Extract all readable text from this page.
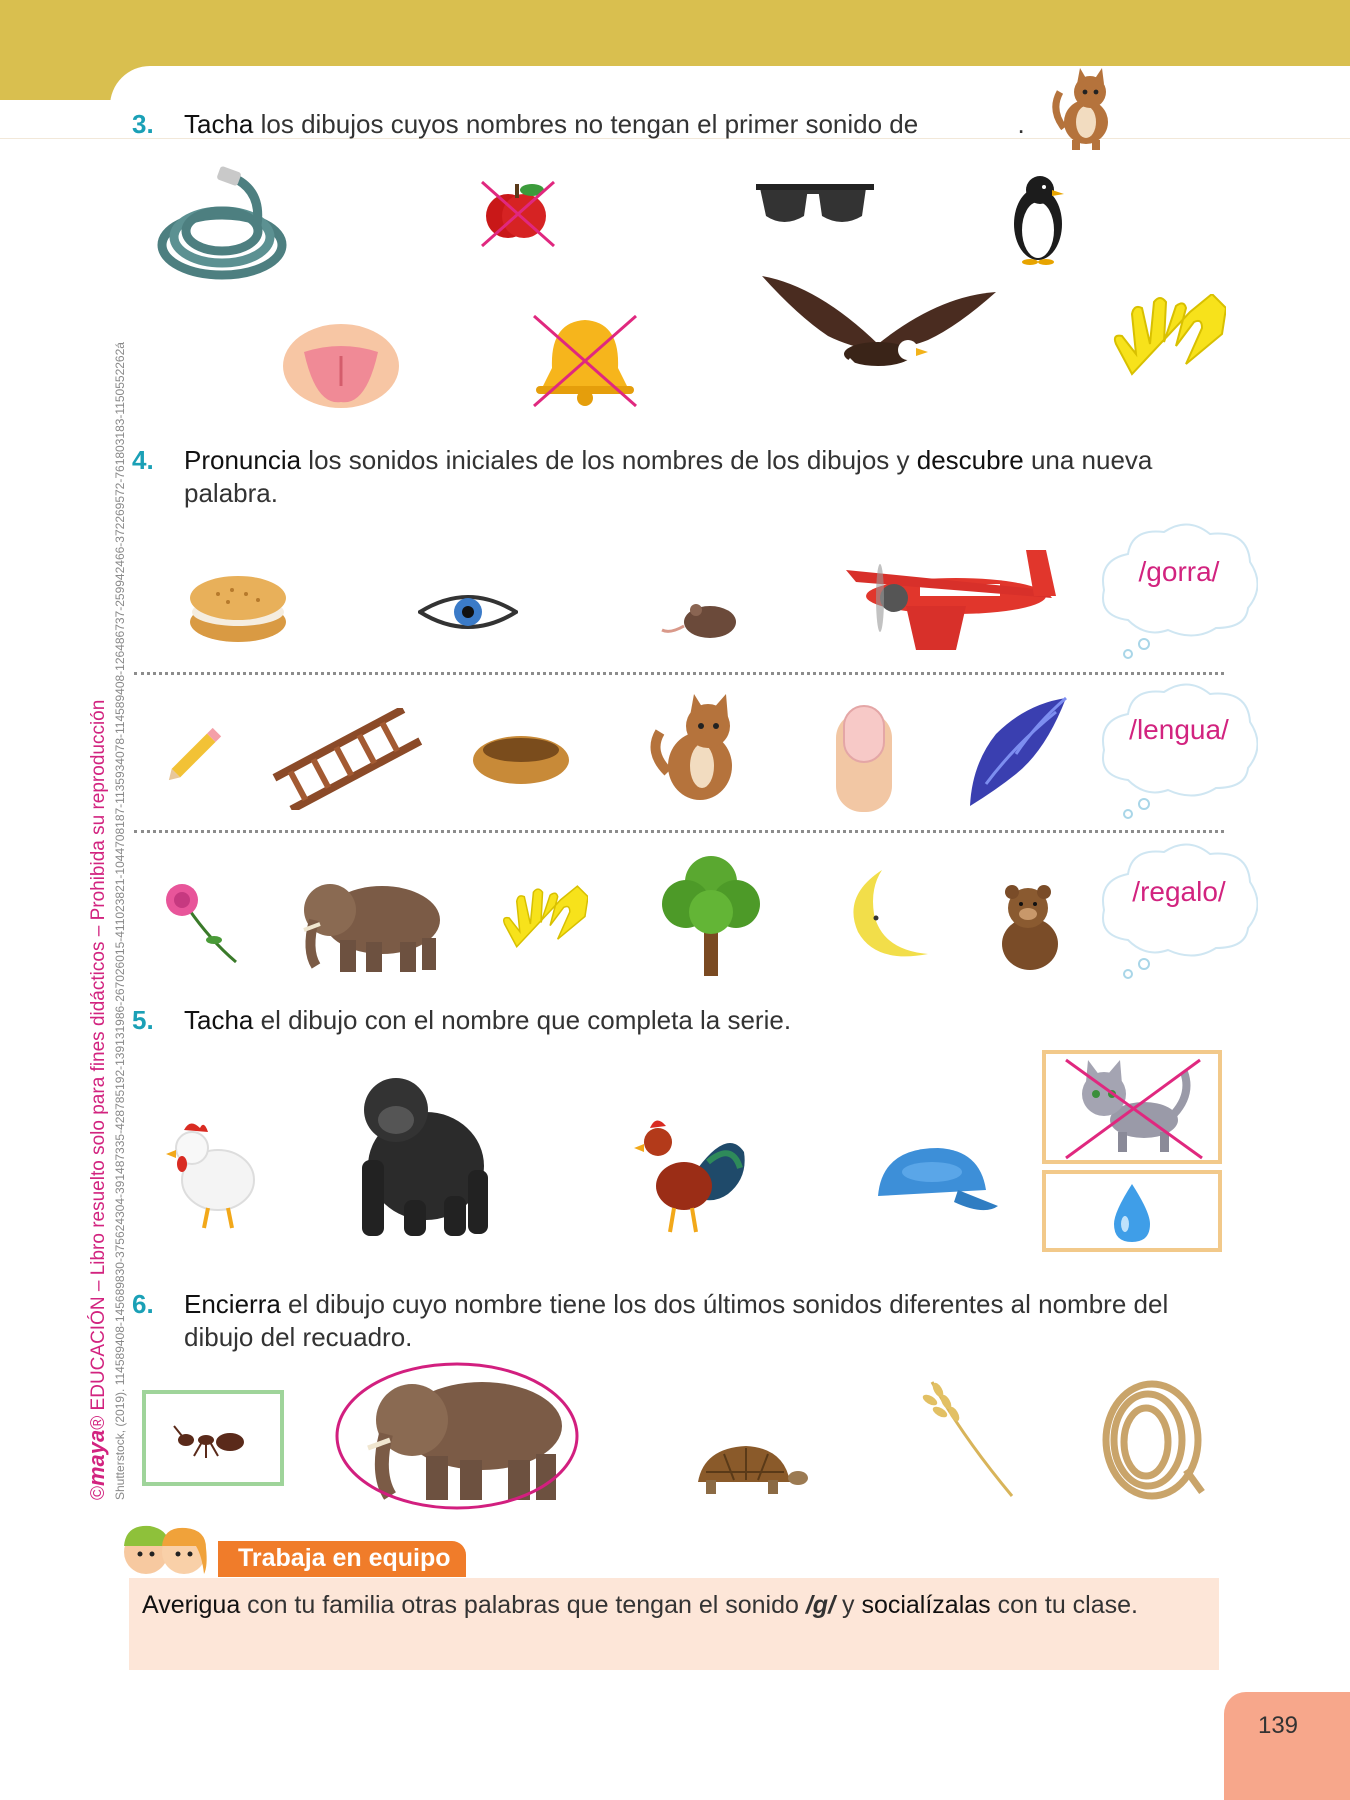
©maya® EDUCACIÓN – Libro resuelto solo para fines didácticos – Prohibida su reproducción Shutterstock, (2019). 114589408-145689830-375624304-391487335-428785192-139131986-267026015-411023821-1044708187-1135934078-114589408-126486737-259942466-372269572-761803183-1150552262á
3. Tacha los dibujos cuyos nombres no tengan el primer sonido de	.
4. Pronuncia los sonidos iniciales de los nombres de los dibujos y descubre una nueva palabra.
/gorra/
/lengua/
/regalo/
5. Tacha el dibujo con el nombre que completa la serie.
6. Encierra el dibujo cuyo nombre tiene los dos últimos sonidos diferentes al nombre del dibujo del recuadro.
Trabaja en equipo
Averigua con tu familia otras palabras que tengan el sonido /g/ y socialízalas con tu clase.
139
